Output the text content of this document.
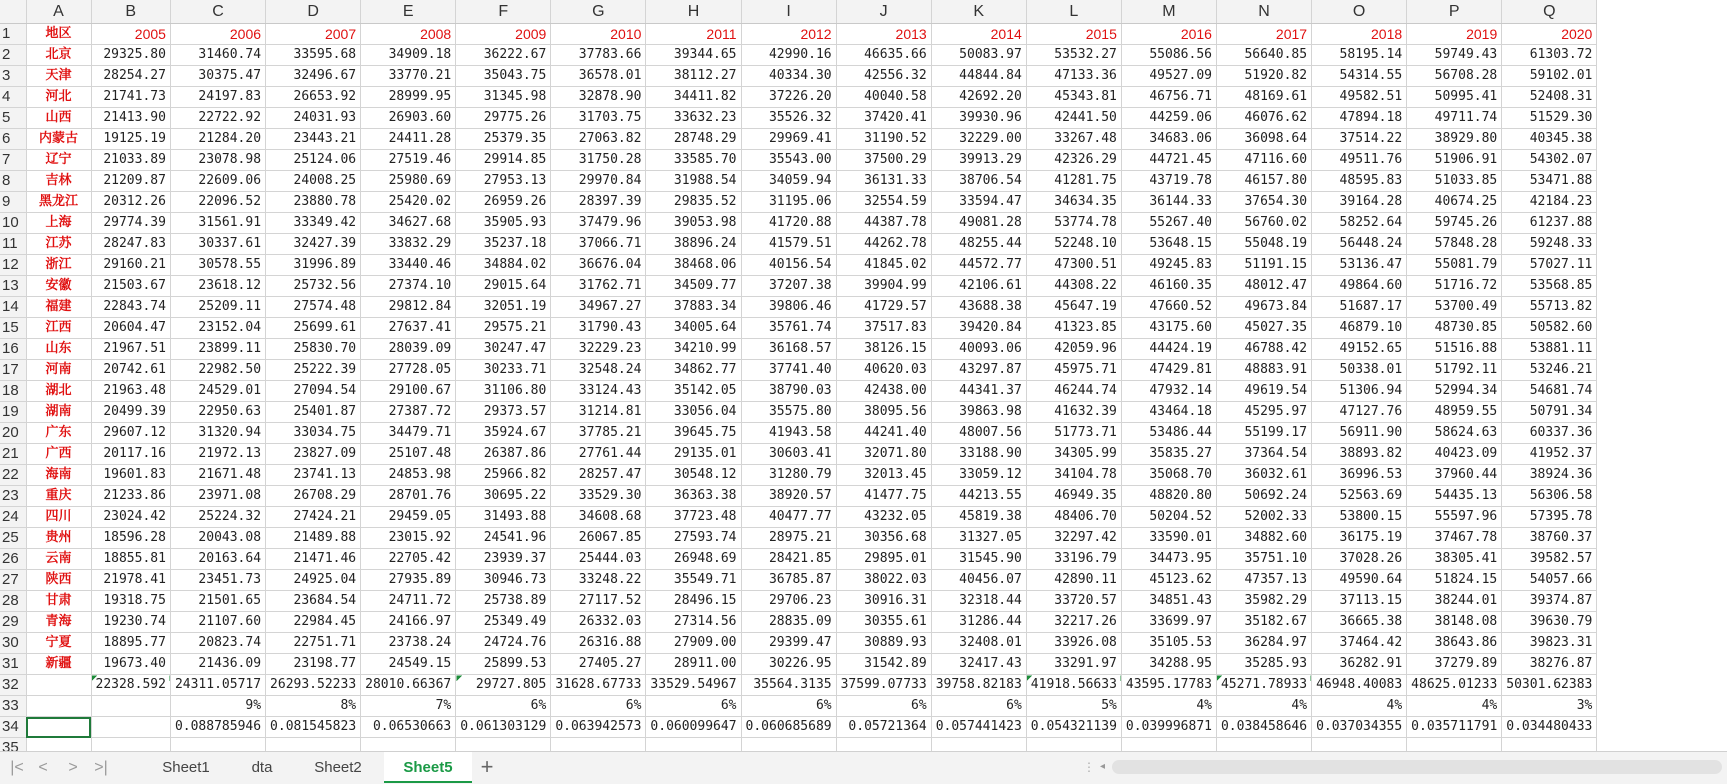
	A	B	C	D	E	F	G	H	I	J	K	L	M	N	O	P	Q
1	地区	2005	2006	2007	2008	2009	2010	2011	2012	2013	2014	2015	2016	2017	2018	2019	2020
2	北京	29325.80	31460.74	33595.68	34909.18	36222.67	37783.66	39344.65	42990.16	46635.66	50083.97	53532.27	55086.56	56640.85	58195.14	59749.43	61303.72
3	天津	28254.27	30375.47	32496.67	33770.21	35043.75	36578.01	38112.27	40334.30	42556.32	44844.84	47133.36	49527.09	51920.82	54314.55	56708.28	59102.01
4	河北	21741.73	24197.83	26653.92	28999.95	31345.98	32878.90	34411.82	37226.20	40040.58	42692.20	45343.81	46756.71	48169.61	49582.51	50995.41	52408.31
5	山西	21413.90	22722.92	24031.93	26903.60	29775.26	31703.75	33632.23	35526.32	37420.41	39930.96	42441.50	44259.06	46076.62	47894.18	49711.74	51529.30
6	内蒙古	19125.19	21284.20	23443.21	24411.28	25379.35	27063.82	28748.29	29969.41	31190.52	32229.00	33267.48	34683.06	36098.64	37514.22	38929.80	40345.38
7	辽宁	21033.89	23078.98	25124.06	27519.46	29914.85	31750.28	33585.70	35543.00	37500.29	39913.29	42326.29	44721.45	47116.60	49511.76	51906.91	54302.07
8	吉林	21209.87	22609.06	24008.25	25980.69	27953.13	29970.84	31988.54	34059.94	36131.33	38706.54	41281.75	43719.78	46157.80	48595.83	51033.85	53471.88
9	黑龙江	20312.26	22096.52	23880.78	25420.02	26959.26	28397.39	29835.52	31195.06	32554.59	33594.47	34634.35	36144.33	37654.30	39164.28	40674.25	42184.23
10	上海	29774.39	31561.91	33349.42	34627.68	35905.93	37479.96	39053.98	41720.88	44387.78	49081.28	53774.78	55267.40	56760.02	58252.64	59745.26	61237.88
11	江苏	28247.83	30337.61	32427.39	33832.29	35237.18	37066.71	38896.24	41579.51	44262.78	48255.44	52248.10	53648.15	55048.19	56448.24	57848.28	59248.33
12	浙江	29160.21	30578.55	31996.89	33440.46	34884.02	36676.04	38468.06	40156.54	41845.02	44572.77	47300.51	49245.83	51191.15	53136.47	55081.79	57027.11
13	安徽	21503.67	23618.12	25732.56	27374.10	29015.64	31762.71	34509.77	37207.38	39904.99	42106.61	44308.22	46160.35	48012.47	49864.60	51716.72	53568.85
14	福建	22843.74	25209.11	27574.48	29812.84	32051.19	34967.27	37883.34	39806.46	41729.57	43688.38	45647.19	47660.52	49673.84	51687.17	53700.49	55713.82
15	江西	20604.47	23152.04	25699.61	27637.41	29575.21	31790.43	34005.64	35761.74	37517.83	39420.84	41323.85	43175.60	45027.35	46879.10	48730.85	50582.60
16	山东	21967.51	23899.11	25830.70	28039.09	30247.47	32229.23	34210.99	36168.57	38126.15	40093.06	42059.96	44424.19	46788.42	49152.65	51516.88	53881.11
17	河南	20742.61	22982.50	25222.39	27728.05	30233.71	32548.24	34862.77	37741.40	40620.03	43297.87	45975.71	47429.81	48883.91	50338.01	51792.11	53246.21
18	湖北	21963.48	24529.01	27094.54	29100.67	31106.80	33124.43	35142.05	38790.03	42438.00	44341.37	46244.74	47932.14	49619.54	51306.94	52994.34	54681.74
19	湖南	20499.39	22950.63	25401.87	27387.72	29373.57	31214.81	33056.04	35575.80	38095.56	39863.98	41632.39	43464.18	45295.97	47127.76	48959.55	50791.34
20	广东	29607.12	31320.94	33034.75	34479.71	35924.67	37785.21	39645.75	41943.58	44241.40	48007.56	51773.71	53486.44	55199.17	56911.90	58624.63	60337.36
21	广西	20117.16	21972.13	23827.09	25107.48	26387.86	27761.44	29135.01	30603.41	32071.80	33188.90	34305.99	35835.27	37364.54	38893.82	40423.09	41952.37
22	海南	19601.83	21671.48	23741.13	24853.98	25966.82	28257.47	30548.12	31280.79	32013.45	33059.12	34104.78	35068.70	36032.61	36996.53	37960.44	38924.36
23	重庆	21233.86	23971.08	26708.29	28701.76	30695.22	33529.30	36363.38	38920.57	41477.75	44213.55	46949.35	48820.80	50692.24	52563.69	54435.13	56306.58
24	四川	23024.42	25224.32	27424.21	29459.05	31493.88	34608.68	37723.48	40477.77	43232.05	45819.38	48406.70	50204.52	52002.33	53800.15	55597.96	57395.78
25	贵州	18596.28	20043.08	21489.88	23015.92	24541.96	26067.85	27593.74	28975.21	30356.68	31327.05	32297.42	33590.01	34882.60	36175.19	37467.78	38760.37
26	云南	18855.81	20163.64	21471.46	22705.42	23939.37	25444.03	26948.69	28421.85	29895.01	31545.90	33196.79	34473.95	35751.10	37028.26	38305.41	39582.57
27	陕西	21978.41	23451.73	24925.04	27935.89	30946.73	33248.22	35549.71	36785.87	38022.03	40456.07	42890.11	45123.62	47357.13	49590.64	51824.15	54057.66
28	甘肃	19318.75	21501.65	23684.54	24711.72	25738.89	27117.52	28496.15	29706.23	30916.31	32318.44	33720.57	34851.43	35982.29	37113.15	38244.01	39374.87
29	青海	19230.74	21107.60	22984.45	24166.97	25349.49	26332.03	27314.56	28835.09	30355.61	31286.44	32217.26	33699.97	35182.67	36665.38	38148.08	39630.79
30	宁夏	18895.77	20823.74	22751.71	23738.24	24724.76	26316.88	27909.00	29399.47	30889.93	32408.01	33926.08	35105.53	36284.97	37464.42	38643.86	39823.31
31	新疆	19673.40	21436.09	23198.77	24549.15	25899.53	27405.27	28911.00	30226.95	31542.89	32417.43	33291.97	34288.95	35285.93	36282.91	37279.89	38276.87
32		22328.592	24311.05717	26293.52233	28010.66367	29727.805	31628.67733	33529.54967	35564.3135	37599.07733	39758.82183	41918.56633	43595.17783	45271.78933	46948.40083	48625.01233	50301.62383
33			9%	8%	7%	6%	6%	6%	6%	6%	6%	5%	4%	4%	4%	4%	3%
34			0.088785946	0.081545823	0.06530663	0.061303129	0.063942573	0.060099647	0.060685689	0.05721364	0.057441423	0.054321139	0.039996871	0.038458646	0.037034355	0.035711791	0.034480433
35																	
|< <	>	>|	Sheet1	dta	Sheet2	Sheet5	+	⋮ ◂
